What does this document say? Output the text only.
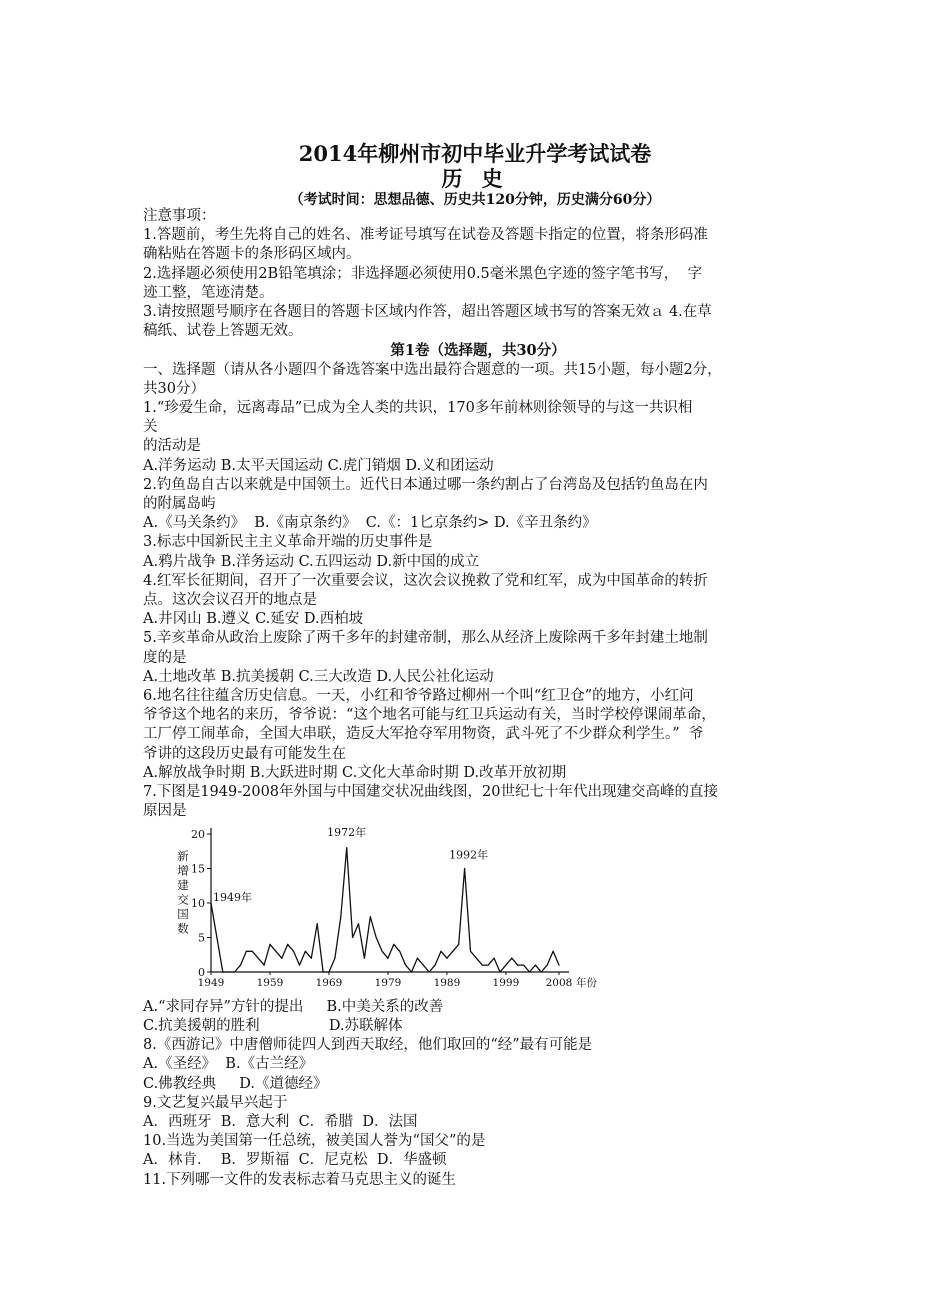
2014年柳州市初中毕业升学考试试卷
历 史
（考试时间：思想品德、历史共120分钟，历史满分60分）

注意事项：

1.答题前，考生先将自己的姓名、准考证号填写在试卷及答题卡指定的位置，将条形码准

确粘贴在答题卡的条形码区域内。

2.选择题必须使用2B铅笔填涂；非选择题必须使用0.5毫米黑色字迹的签字笔书写，  字

迹工整，笔迹清楚。

3.请按照题号顺序在各题目的答题卡区域内作答，超出答题区域书写的答案无效ａ 4.在草

稿纸、试卷上答题无效。

第1卷（选择题，共30分）

一、选择题（请从各小题四个备选答案中选出最符合题意的一项。共15小题，每小题2分，

共30分）

1.“珍爱生命，远离毒品”已成为全人类的共识，170多年前林则徐领导的与这一共识相

关

的活动是

A.洋务运动 B.太平天国运动 C.虎门销烟 D.义和团运动

2.钓鱼岛自古以来就是中国领土。近代日本通过哪一条约割占了台湾岛及包括钓鱼岛在内

的附属岛屿

A.《马关条约》  B.《南京条约》  C.《：1匕京条约> D.《辛丑条约》

3.标志中国新民主主义革命开端的历史事件是

A.鸦片战争 B.洋务运动 C.五四运动 D.新中国的成立

4.红军长征期间，召开了一次重要会议，这次会议挽救了党和红军，成为中国革命的转折

点。这次会议召开的地点是

A.井冈山 B.遵义 C.延安 D.西柏坡

5.辛亥革命从政治上废除了两千多年的封建帝制，那么从经济上废除两千多年封建土地制

度的是

A.土地改革 B.抗美援朝 C.三大改造 D.人民公社化运动

6.地名往往蕴含历史信息。一天，小红和爷爷路过柳州一个叫“红卫仓”的地方，小红问

爷爷这个地名的来历，爷爷说：“这个地名可能与红卫兵运动有关，当时学校停课闹革命，

工厂停工闹革命，全国大串联，造反大军抢夺军用物资，武斗死了不少群众利学生。”  爷

爷讲的这段历史最有可能发生在

A.解放战争时期 B.大跃进时期 C.文化大革命时期 D.改革开放初期

7.下图是1949-2008年外国与中国建交状况曲线图，20世纪七十年代出现建交高峰的直接

原因是

0
5
10
15
20
1949	1959	1969	1979	1989	1999	2008 年份
新增建交国数 1949年
1972年
1992年

A.“求同存异”方针的提出     B.中美关系的改善

C.抗美援朝的胜利               D.苏联解体

8.《西游记》中唐僧师徒四人到西天取经，他们取回的“经”最有可能是

A.《圣经》  B.《古兰经》

C.佛教经典     D.《道德经》

9.文艺复兴最早兴起于

A．西班牙  B．意大利  C．希腊  D．法国

10.当选为美国第一任总统，被美国人誉为“国父”的是

A．林肯．  B．罗斯福  C．尼克松  D．华盛顿

11.下列哪一文件的发表标志着马克思主义的诞生
